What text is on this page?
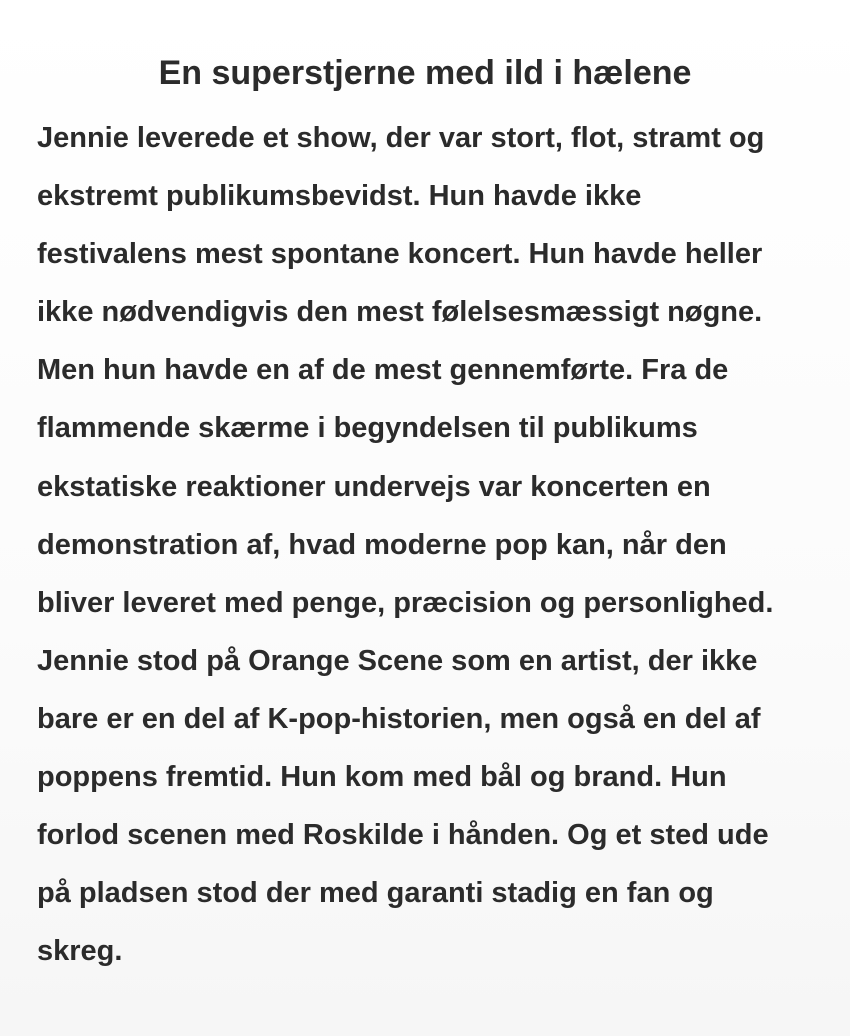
En superstjerne med ild i hælene
Jennie leverede et show, der var stort, flot, stramt og
ekstremt publikumsbevidst. Hun havde ikke
festivalens mest spontane koncert. Hun havde heller
ikke nødvendigvis den mest følelsesmæssigt nøgne.
Men hun havde en af de mest gennemførte. Fra de
flammende skærme i begyndelsen til publikums
ekstatiske reaktioner undervejs var koncerten en
demonstration af, hvad moderne pop kan, når den
bliver leveret med penge, præcision og personlighed.
Jennie stod på Orange Scene som en artist, der ikke
bare er en del af K-pop-historien, men også en del af
poppens fremtid. Hun kom med bål og brand. Hun
forlod scenen med Roskilde i hånden. Og et sted ude
på pladsen stod der med garanti stadig en fan og
skreg.
